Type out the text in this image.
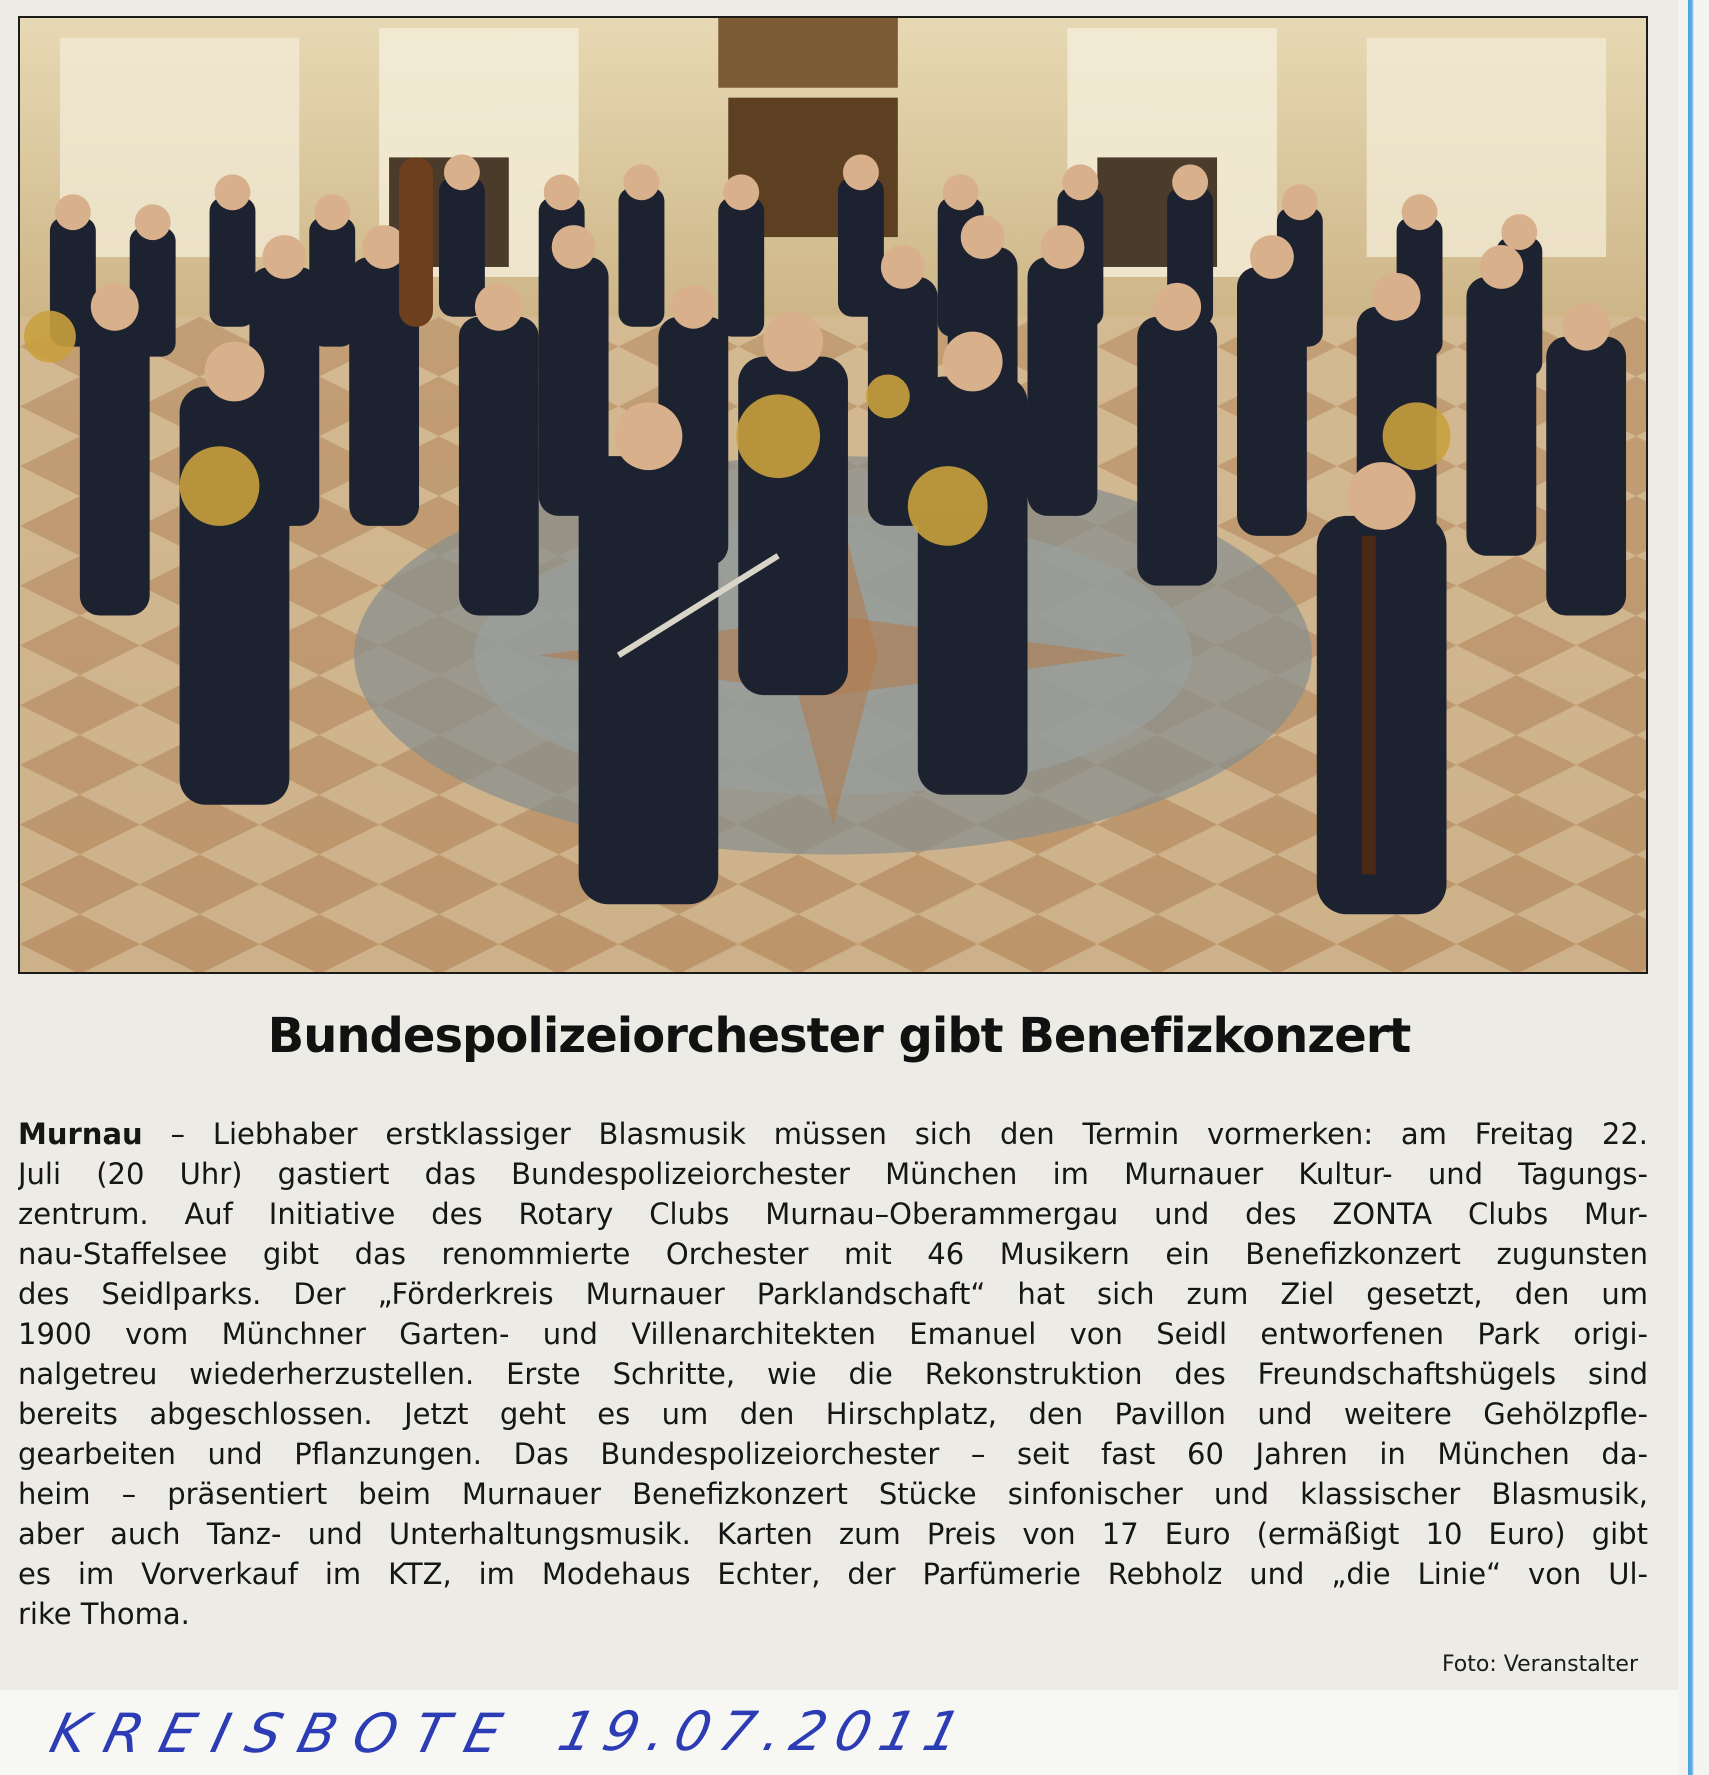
Bundespolizeiorchester gibt Benefizkonzert
Murnau – Liebhaber erstklassiger Blasmusik müssen sich den Termin vormerken: am Freitag 22.
Juli (20 Uhr) gastiert das Bundespolizeiorchester München im Murnauer Kultur- und Tagungs-
zentrum. Auf Initiative des Rotary Clubs Murnau–Oberammergau und des ZONTA Clubs Mur-
nau-Staffelsee gibt das renommierte Orchester mit 46 Musikern ein Benefizkonzert zugunsten
des Seidlparks. Der „Förderkreis Murnauer Parklandschaft“ hat sich zum Ziel gesetzt, den um
1900 vom Münchner Garten- und Villenarchitekten Emanuel von Seidl entworfenen Park origi-
nalgetreu wiederherzustellen. Erste Schritte, wie die Rekonstruktion des Freundschaftshügels sind
bereits abgeschlossen. Jetzt geht es um den Hirschplatz, den Pavillon und weitere Gehölzpfle-
gearbeiten und Pflanzungen. Das Bundespolizeiorchester – seit fast 60 Jahren in München da-
heim – präsentiert beim Murnauer Benefizkonzert Stücke sinfonischer und klassischer Blasmusik,
aber auch Tanz- und Unterhaltungsmusik. Karten zum Preis von 17 Euro (ermäßigt 10 Euro) gibt
es im Vorverkauf im KTZ, im Modehaus Echter, der Parfümerie Rebholz und „die Linie“ von Ul-
rike Thoma.
Foto: Veranstalter
KREISBOTE 19.07.2011
